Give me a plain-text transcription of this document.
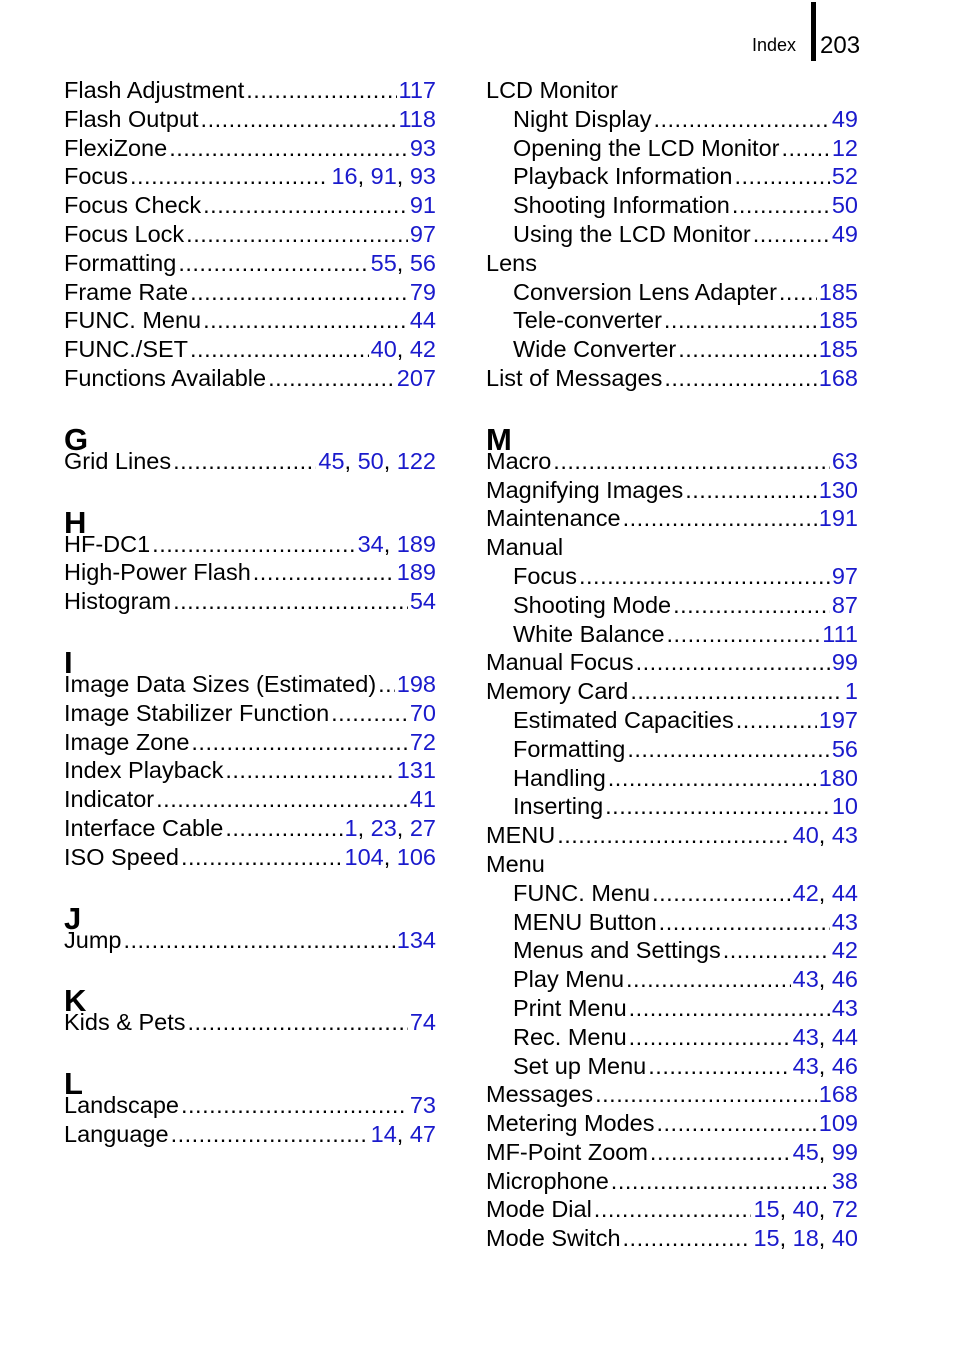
Index 203
Flash Adjustment .....	117
Flash Output .....	118
FlexiZone .....	93
Focus .....	16, 91, 93
Focus Check .....	91
Focus Lock .....	97
Formatting .....	55, 56
Frame Rate .....	79
FUNC. Menu .....	44
FUNC./SET .....	40, 42
Functions Available .....	207
G
Grid Lines .....	45, 50, 122
H
HF-DC1 .....	34, 189
High-Power Flash .....	189
Histogram .....	54
I
Image Data Sizes (Estimated) ..... 198
Image Stabilizer Function .....	70
Image Zone .....	72
Index Playback .....	131
Indicator .....	41
Interface Cable .....	1, 23, 27
ISO Speed .....	104, 106
J
Jump .....	134
K
Kids & Pets .....	74
L
Landscape .....	73
Language .....	14, 47
LCD Monitor
Night Display .....	49
Opening the LCD Monitor ..... 12
Playback Information .....	52
Shooting Information .....	50
Using the LCD Monitor .....	49
Lens
Conversion Lens Adapter ..... 185
Tele-converter .....	185
Wide Converter .....	185
List of Messages .....	168
M
Macro .....	63
Magnifying Images .....	130
Maintenance .....	191
Manual
Focus .....	97
Shooting Mode .....	87
White Balance .....	111
Manual Focus .....	99
Memory Card .....	1
Estimated Capacities .....	197
Formatting .....	56
Handling .....	180
Inserting .....	10
MENU .....	40, 43
Menu
FUNC. Menu .....	42, 44
MENU Button .....	43
Menus and Settings .....	42
Play Menu .....	43, 46
Print Menu .....	43
Rec. Menu .....	43, 44
Set up Menu .....	43, 46
Messages .....	168
Metering Modes .....	109
MF-Point Zoom .....	45, 99
Microphone .....	38
Mode Dial .....	15, 40, 72
Mode Switch .....	15, 18, 40
